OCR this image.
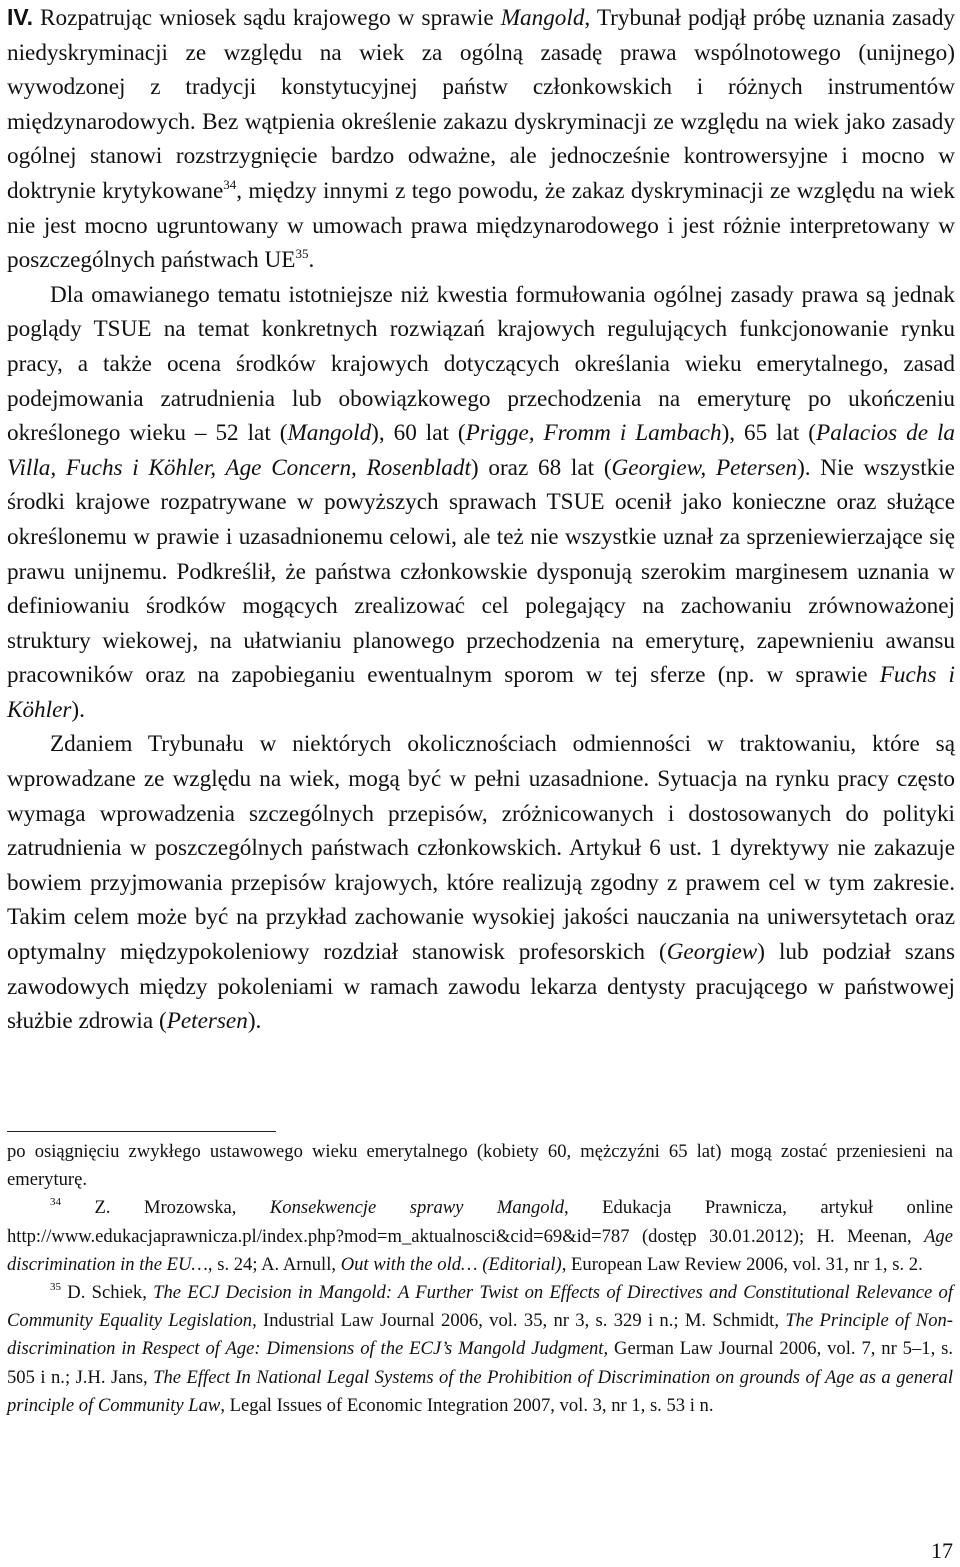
IV. Rozpatrując wniosek sądu krajowego w sprawie Mangold, Trybunał podjął próbę uznania zasady niedyskryminacji ze względu na wiek za ogólną zasadę prawa wspólnotowego (unijnego) wywodzonej z tradycji konstytucyjnej państw członkowskich i różnych instrumentów międzynarodowych. Bez wątpienia określenie zakazu dyskryminacji ze względu na wiek jako zasady ogólnej stanowi rozstrzygnięcie bardzo odważne, ale jednocześnie kontrowersyjne i mocno w doktrynie krytykowane$^{34}$, między innymi z tego powodu, że zakaz dyskryminacji ze względu na wiek nie jest mocno ugruntowany w umowach prawa międzynarodowego i jest różnie interpretowany w poszczególnych państwach UE$^{35}$.

Dla omawianego tematu istotniejsze niż kwestia formułowania ogólnej zasady prawa są jednak poglądy TSUE na temat konkretnych rozwiązań krajowych regulujących funkcjonowanie rynku pracy, a także ocena środków krajowych dotyczących określania wieku emerytalnego, zasad podejmowania zatrudnienia lub obowiązkowego przechodzenia na emeryturę po ukończeniu określonego wieku – 52 lat (Mangold), 60 lat (Prigge, Fromm i Lambach), 65 lat (Palacios de la Villa, Fuchs i Köhler, Age Concern, Rosenbladt) oraz 68 lat (Georgiew, Petersen). Nie wszystkie środki krajowe rozpatrywane w powyższych sprawach TSUE ocenił jako konieczne oraz służące określonemu w prawie i uzasadnionemu celowi, ale też nie wszystkie uznał za sprzeniewierzające się prawu unijnemu. Podkreślił, że państwa członkowskie dysponują szerokim marginesem uznania w definiowaniu środków mogących zrealizować cel polegający na zachowaniu zrównoważonej struktury wiekowej, na ułatwianiu planowego przechodzenia na emeryturę, zapewnieniu awansu pracowników oraz na zapobieganiu ewentualnym sporom w tej sferze (np. w sprawie Fuchs i Köhler).

Zdaniem Trybunału w niektórych okolicznościach odmienności w traktowaniu, które są wprowadzane ze względu na wiek, mogą być w pełni uzasadnione. Sytuacja na rynku pracy często wymaga wprowadzenia szczególnych przepisów, zróżnicowanych i dostosowanych do polityki zatrudnienia w poszczególnych państwach członkowskich. Artykuł 6 ust. 1 dyrektywy nie zakazuje bowiem przyjmowania przepisów krajowych, które realizują zgodny z prawem cel w tym zakresie. Takim celem może być na przykład zachowanie wysokiej jakości nauczania na uniwersytetach oraz optymalny międzypokoleniowy rozdział stanowisk profesorskich (Georgiew) lub podział szans zawodowych między pokoleniami w ramach zawodu lekarza dentysty pracującego w państwowej służbie zdrowia (Petersen).

po osiągnięciu zwykłego ustawowego wieku emerytalnego (kobiety 60, mężczyźni 65 lat) mogą zostać przeniesieni na emeryturę.

$^{34}$ Z. Mrozowska, Konsekwencje sprawy Mangold, Edukacja Prawnicza, artykuł online http://www.edukacjaprawnicza.pl/index.php?mod=m_aktualnosci&cid=69&id=787 (dostęp 30.01.2012); H. Meenan, Age discrimination in the EU…, s. 24; A. Arnull, Out with the old… (Editorial), European Law Review 2006, vol. 31, nr 1, s. 2.

$^{35}$ D. Schiek, The ECJ Decision in Mangold: A Further Twist on Effects of Directives and Constitutional Relevance of Community Equality Legislation, Industrial Law Journal 2006, vol. 35, nr 3, s. 329 i n.; M. Schmidt, The Principle of Non-discrimination in Respect of Age: Dimensions of the ECJ’s Mangold Judgment, German Law Journal 2006, vol. 7, nr 5–1, s. 505 i n.; J.H. Jans, The Effect In National Legal Systems of the Prohibition of Discrimination on grounds of Age as a general principle of Community Law, Legal Issues of Economic Integration 2007, vol. 3, nr 1, s. 53 i n.

17
